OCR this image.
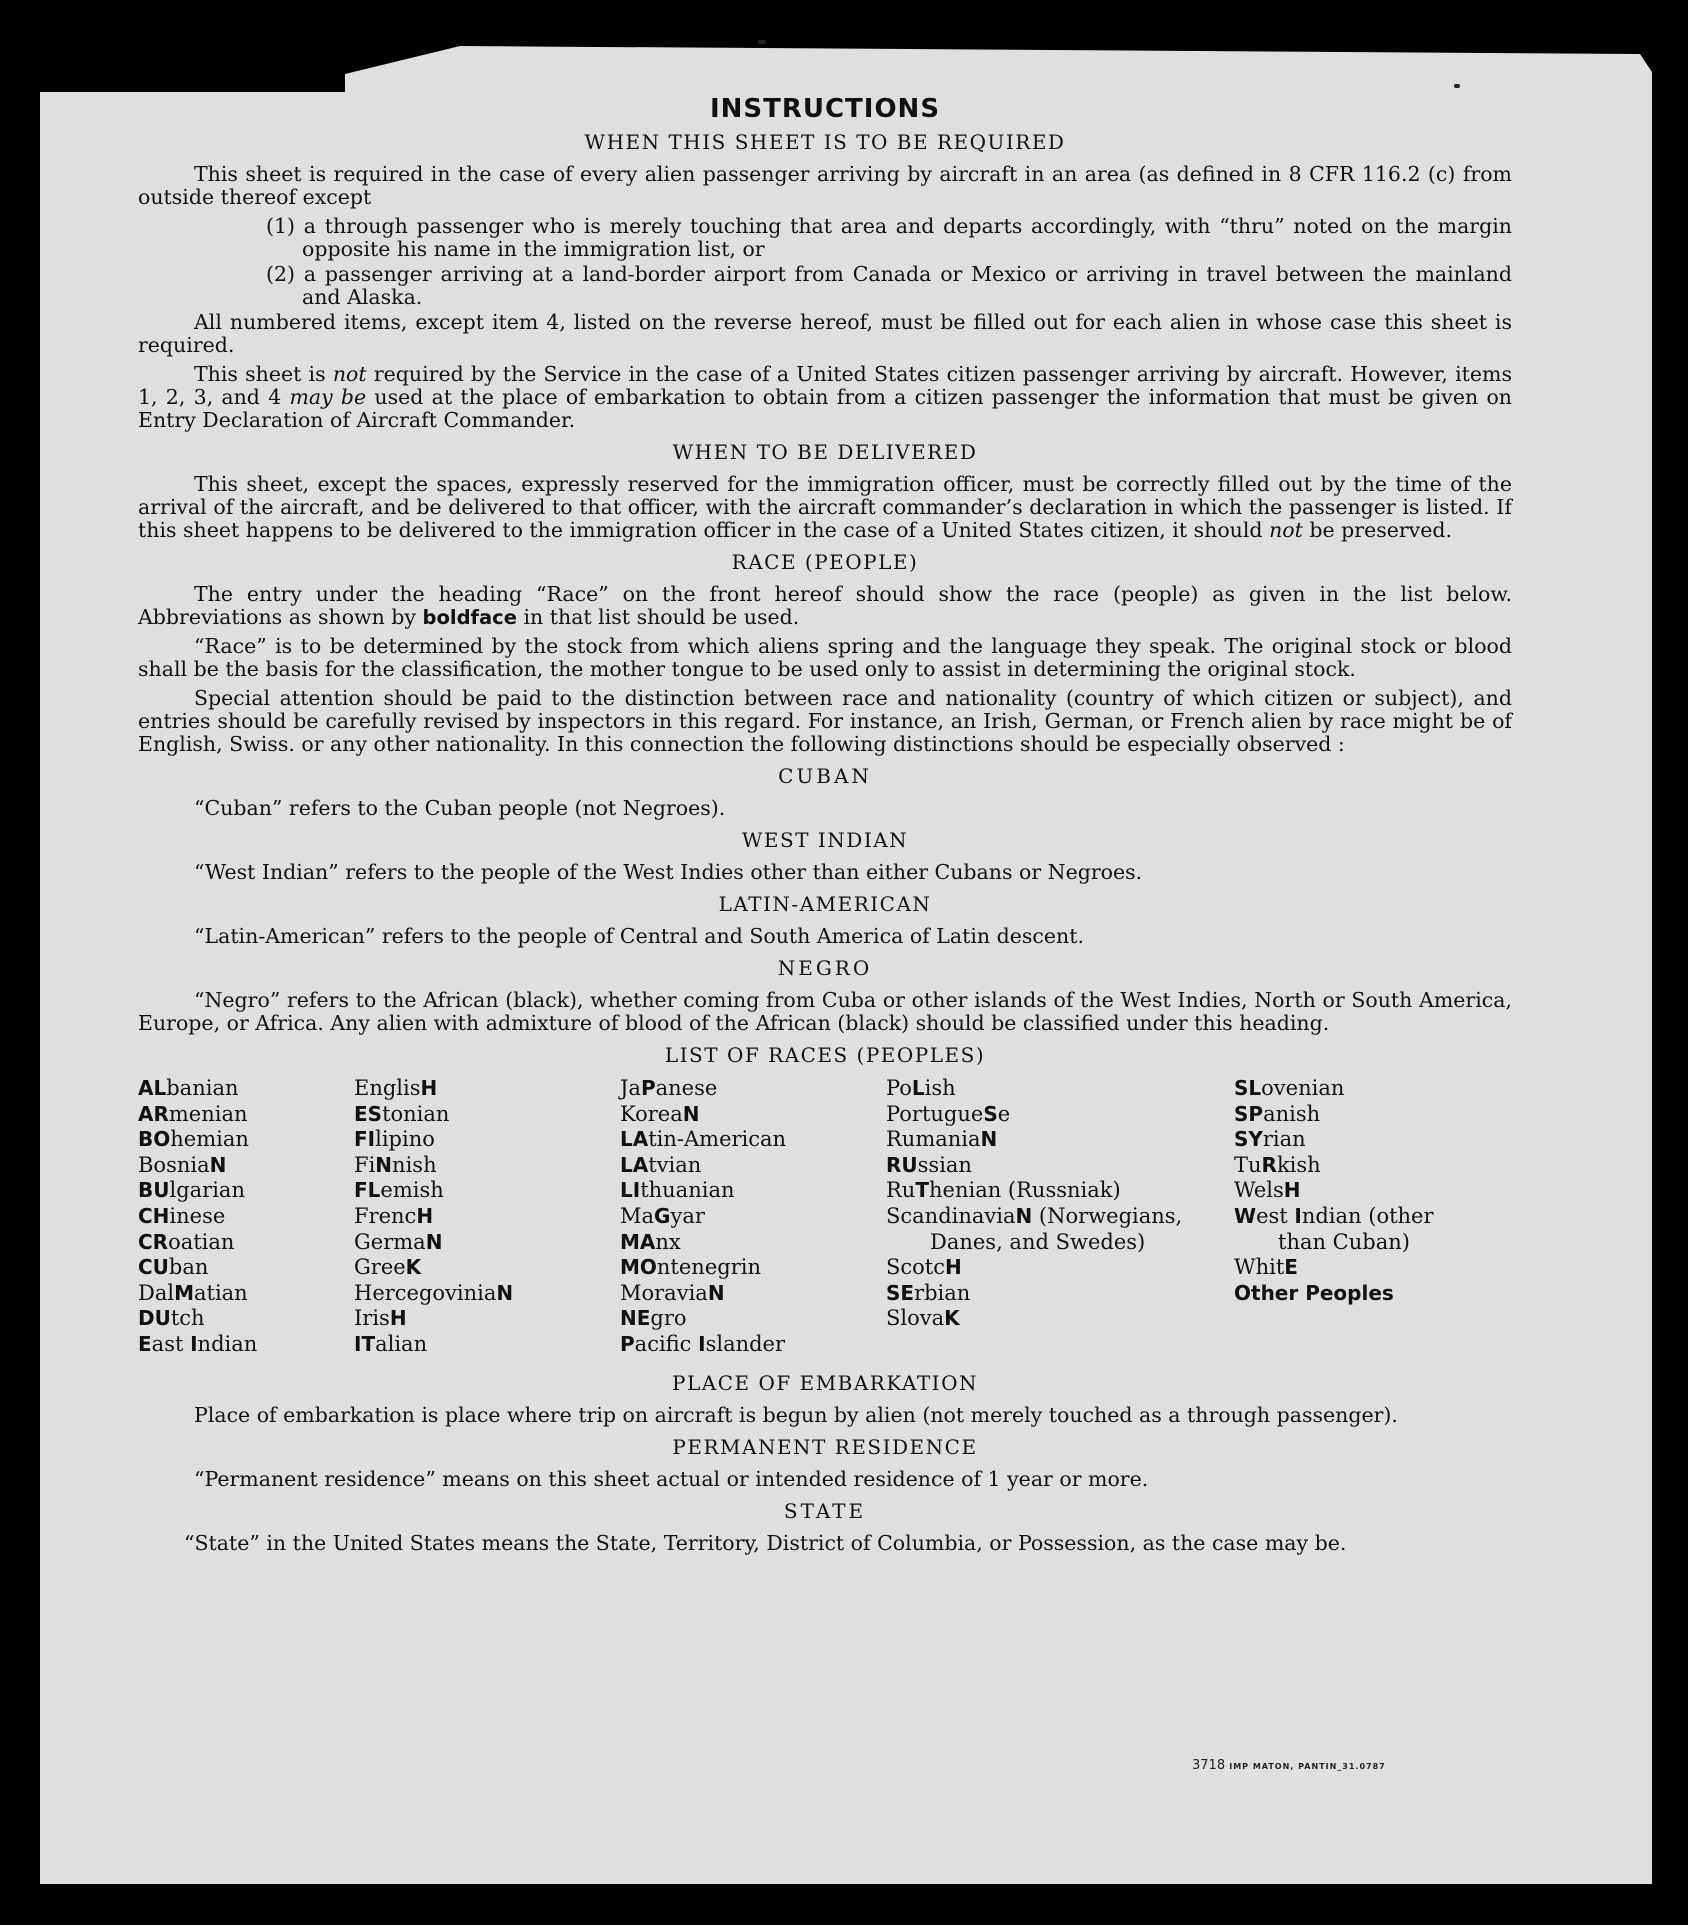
INSTRUCTIONS
WHEN THIS SHEET IS TO BE REQUIRED

This sheet is required in the case of every alien passenger arriving by aircraft in an area (as defined in 8 CFR 116.2 (c) from outside thereof except

(1) a through passenger who is merely touching that area and departs accordingly, with “thru” noted on the margin opposite his name in the immigration list, or
(2) a passenger arriving at a land-border airport from Canada or Mexico or arriving in travel between the mainland and Alaska.

All numbered items, except item 4, listed on the reverse hereof, must be filled out for each alien in whose case this sheet is required.

This sheet is not required by the Service in the case of a United States citizen passenger arriving by aircraft. However, items 1, 2, 3, and 4 may be used at the place of embarkation to obtain from a citizen passenger the information that must be given on Entry Declaration of Aircraft Commander.

WHEN TO BE DELIVERED

This sheet, except the spaces, expressly reserved for the immigration officer, must be correctly filled out by the time of the arrival of the aircraft, and be delivered to that officer, with the aircraft commander’s declaration in which the passenger is listed. If this sheet happens to be delivered to the immigration officer in the case of a United States citizen, it should not be preserved.

RACE (PEOPLE)

The entry under the heading “Race” on the front hereof should show the race (people) as given in the list below. Abbreviations as shown by boldface in that list should be used.

“Race” is to be determined by the stock from which aliens spring and the language they speak. The original stock or blood shall be the basis for the classification, the mother tongue to be used only to assist in determining the original stock.

Special attention should be paid to the distinction between race and nationality (country of which citizen or subject), and entries should be carefully revised by inspectors in this regard. For instance, an Irish, German, or French alien by race might be of English, Swiss. or any other nationality. In this connection the following distinctions should be especially observed :

CUBAN
“Cuban” refers to the Cuban people (not Negroes).
WEST INDIAN
“West Indian” refers to the people of the West Indies other than either Cubans or Negroes.
LATIN-AMERICAN
“Latin-American” refers to the people of Central and South America of Latin descent.
NEGRO

“Negro” refers to the African (black), whether coming from Cuba or other islands of the West Indies, North or South America, Europe, or Africa. Any alien with admixture of blood of the African (black) should be classified under this heading.

LIST OF RACES (PEOPLES)
ALbanian
ARmenian
BOhemian
BosniaN
BUlgarian
CHinese
CRoatian
CUban
DalMatian
DUtch
East Indian
EnglisH
EStonian
FIlipino
FiNnish
FLemish
FrencH
GermaN
GreeK
HercegoviniaN
IrisH
ITalian
JaPanese
KoreaN
LAtin-American
LAtvian
LIthuanian
MaGyar
MAnx
MOntenegrin
MoraviaN
NEgro
Pacific Islander
PoLish
PortugueSe
RumaniaN
RUssian
RuThenian (Russniak)
ScandinaviaN (Norwegians, Danes, and Swedes)
ScotcH
SErbian
SlovaK
SLovenian
SPanish
SYrian
TuRkish
WelsH
West Indian (other than Cuban)
WhitE
Other Peoples
PLACE OF EMBARKATION

Place of embarkation is place where trip on aircraft is begun by alien (not merely touched as a through passenger).

PERMANENT RESIDENCE
“Permanent residence” means on this sheet actual or intended residence of 1 year or more.
STATE
“State” in the United States means the State, Territory, District of Columbia, or Possession, as the case may be.
3718 IMP MATON, PANTIN_31.0787
